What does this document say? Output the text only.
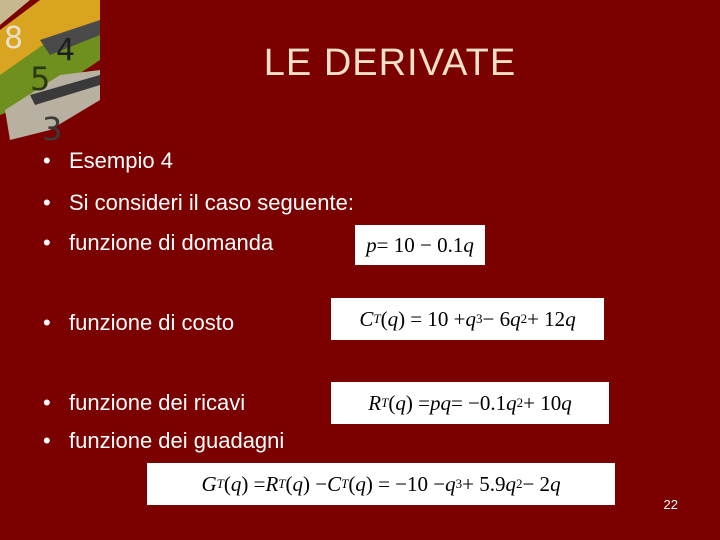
8 4
5
3
LE DERIVATE
• Esempio 4
• Si consideri il caso seguente:
• funzione di domanda
• funzione di costo
• funzione dei ricavi
• funzione dei guadagni
p = 10 − 0.1 q
C T ( q ) = 10 + q 3 − 6 q 2 + 12 q
R T ( q ) = p q = −0.1 q 2 + 10 q
G T ( q ) = R T ( q ) − C T ( q ) = −10 − q 3 + 5.9 q 2 − 2 q
22
